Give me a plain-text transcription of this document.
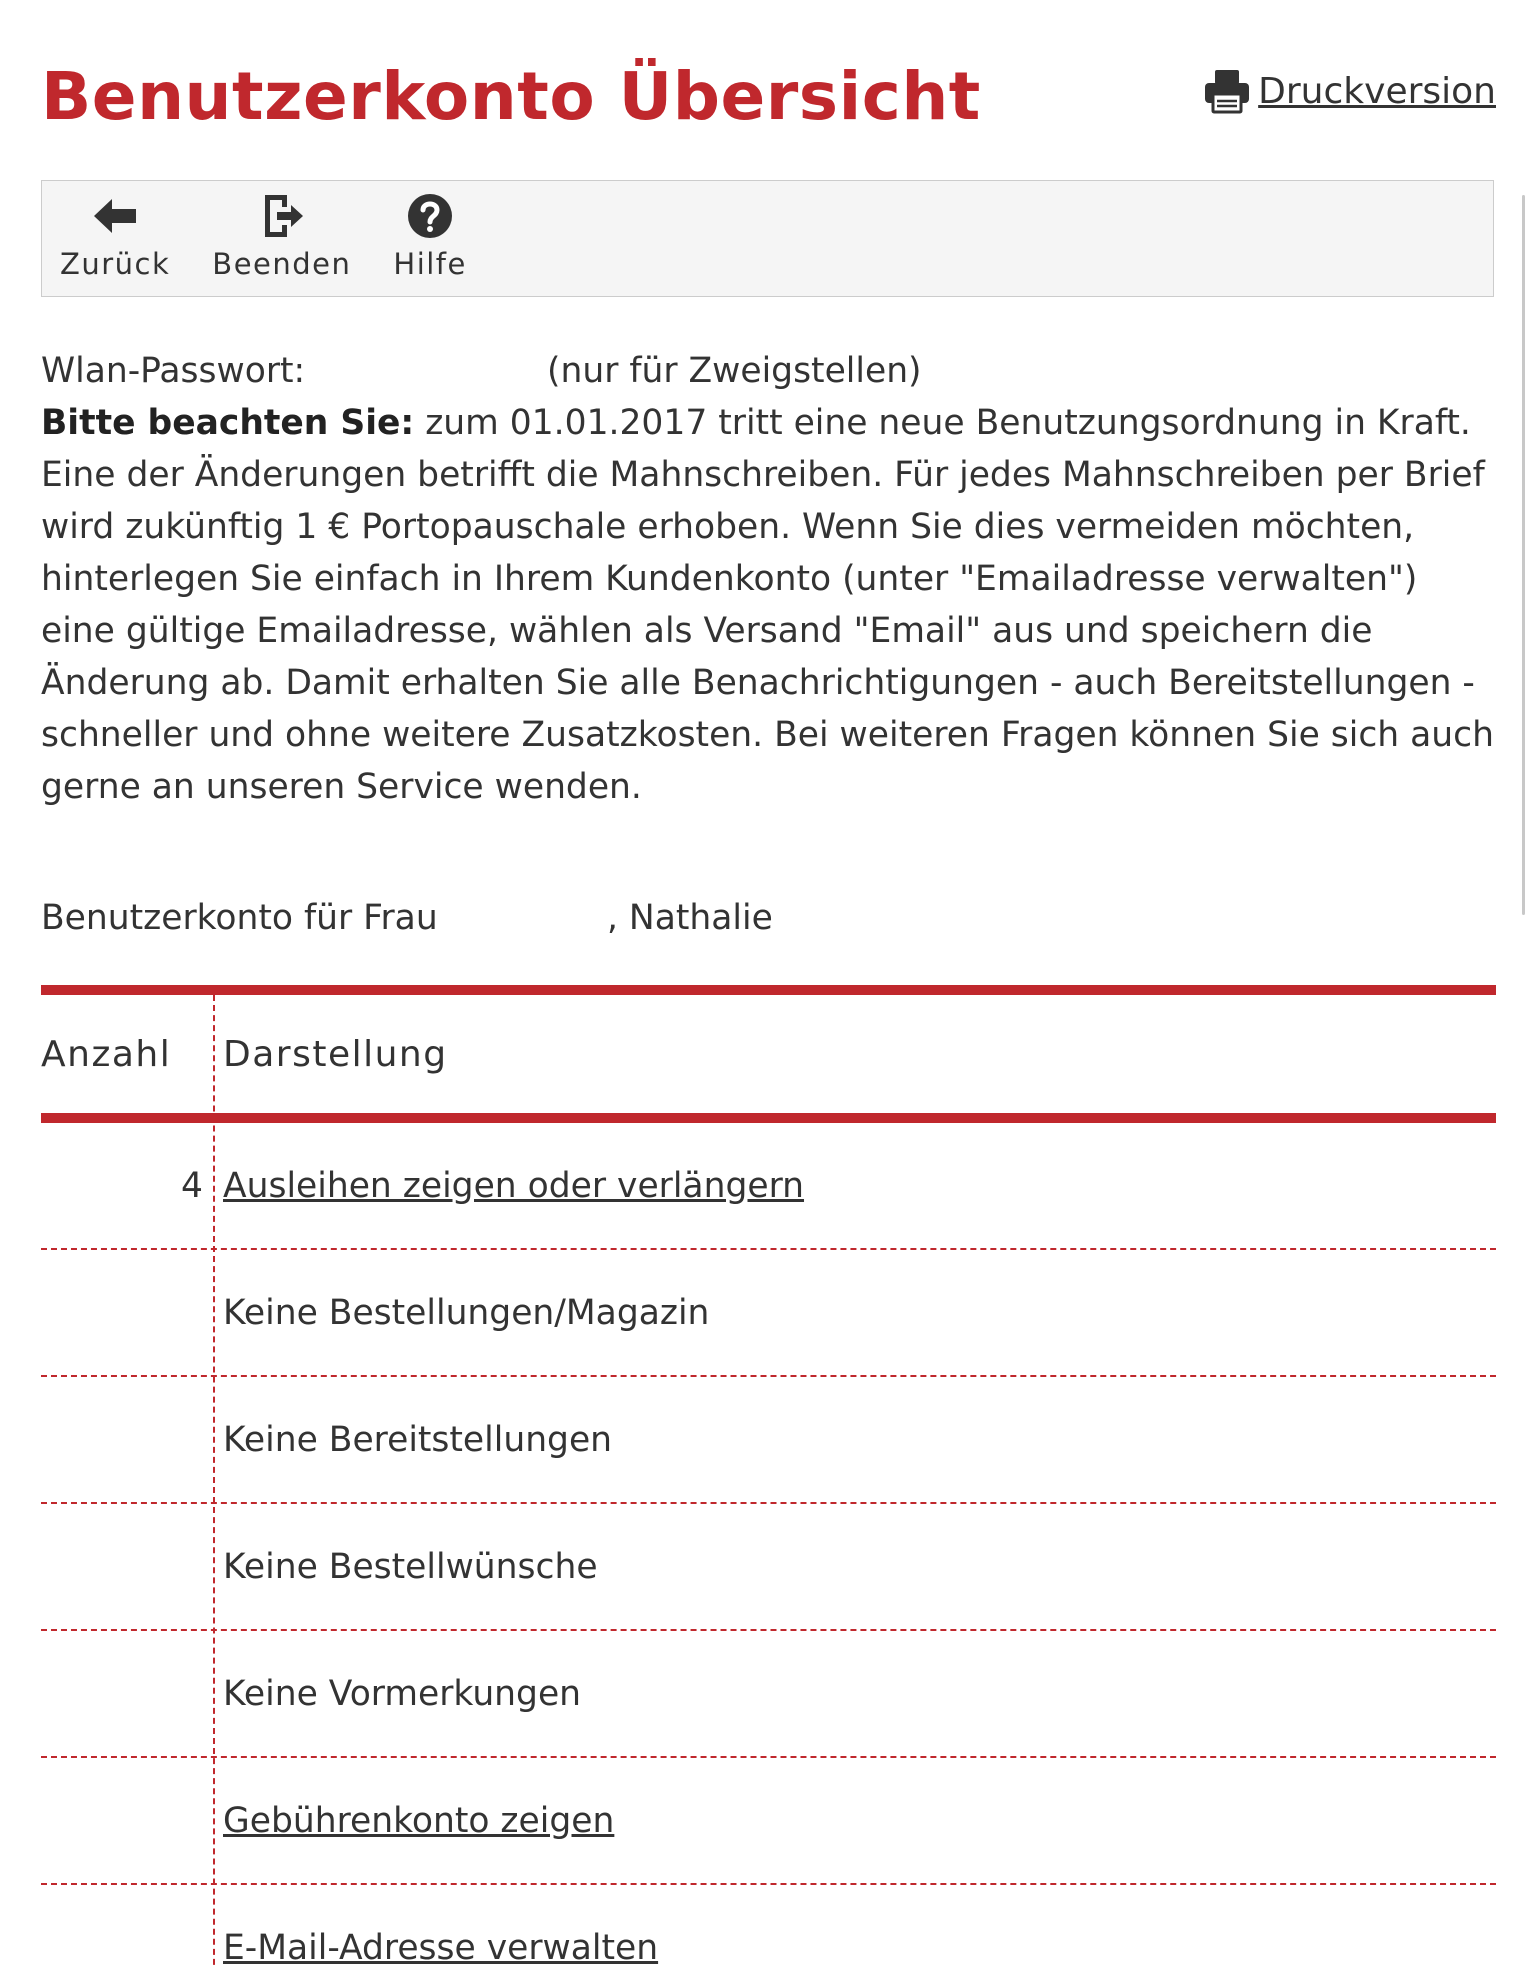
Benutzerkonto Übersicht	Druckversion
Zurück Beenden Hilfe
Wlan-Passwort:	(nur für Zweigstellen)
Bitte beachten Sie: zum 01.01.2017 tritt eine neue Benutzungsordnung in Kraft. Eine der Änderungen betrifft die Mahnschreiben. Für jedes Mahnschreiben per Brief wird zukünftig 1 € Portopauschale erhoben. Wenn Sie dies vermeiden möchten, hinterlegen Sie einfach in Ihrem Kundenkonto (unter "Emailadresse verwalten") eine gültige Emailadresse, wählen als Versand "Email" aus und speichern die Änderung ab. Damit erhalten Sie alle Benachrichtigungen - auch Bereitstellungen - schneller und ohne weitere Zusatzkosten. Bei weiteren Fragen können Sie sich auch gerne an unseren Service wenden.
Benutzerkonto für Frau	, Nathalie
Anzahl	Darstellung
4 Ausleihen zeigen oder verlängern
Keine Bestellungen/Magazin
Keine Bereitstellungen
Keine Bestellwünsche
Keine Vormerkungen
Gebührenkonto zeigen
E-Mail-Adresse verwalten
